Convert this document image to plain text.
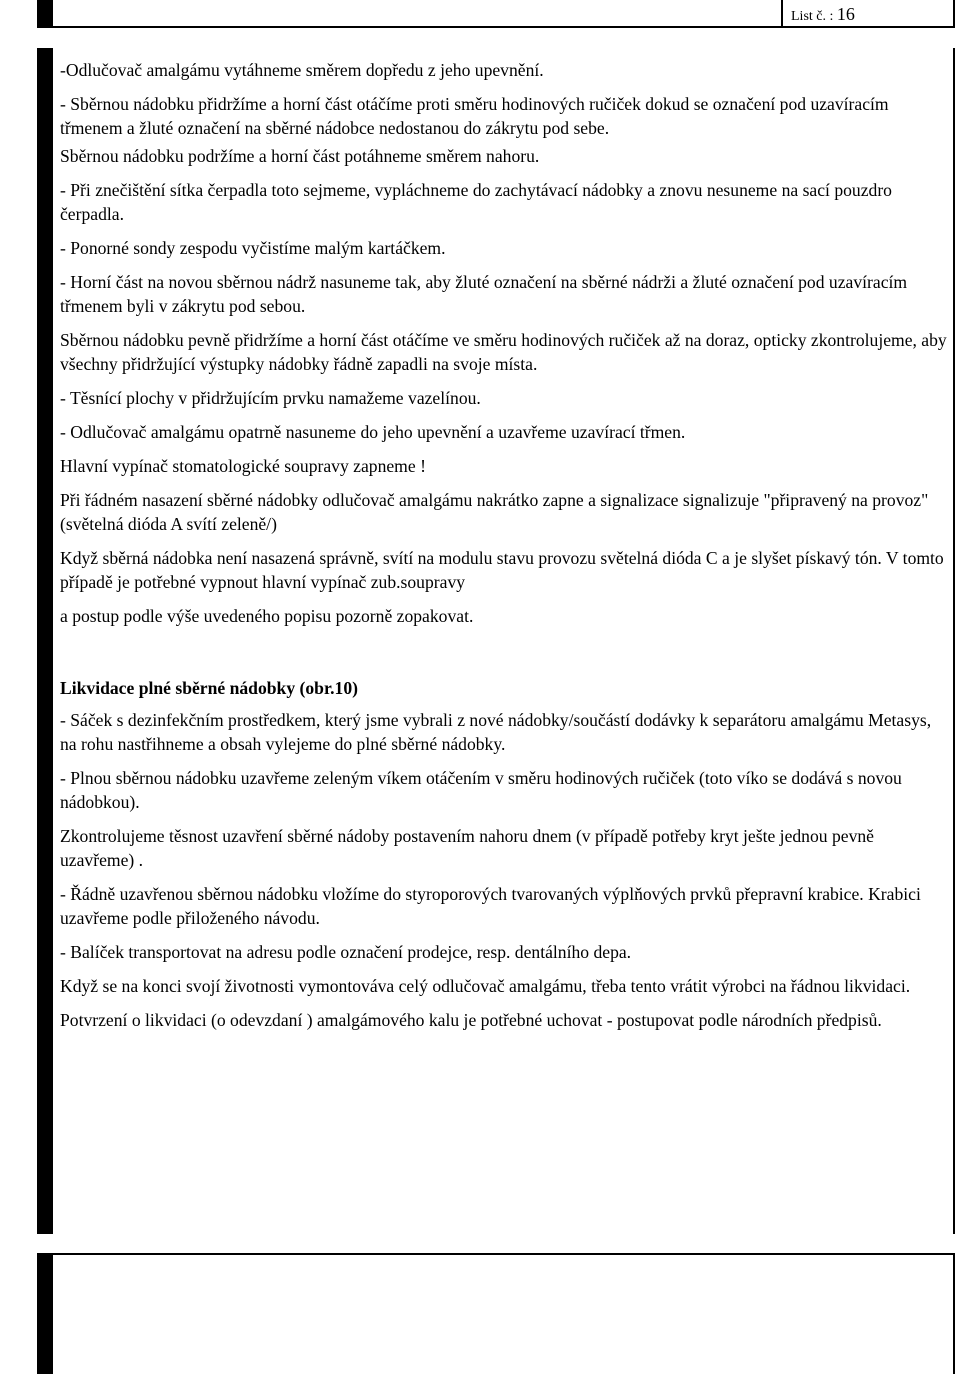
List č. : 16

-Odlučovač amalgámu vytáhneme směrem dopředu z jeho upevnění.

- Sběrnou nádobku přidržíme a horní část otáčíme proti směru hodinových ručiček dokud se označení pod uzavíracím třmenem a žluté označení na sběrné nádobce nedostanou do zákrytu pod sebe.

Sběrnou nádobku podržíme a horní část potáhneme směrem nahoru.

- Při znečištění sítka čerpadla toto sejmeme, vypláchneme do zachytávací nádobky a znovu nesuneme na sací pouzdro čerpadla.

- Ponorné sondy zespodu vyčistíme malým kartáčkem.

- Horní část na novou sběrnou nádrž nasuneme tak, aby žluté označení na sběrné nádrži a žluté označení pod uzavíracím třmenem byli v zákrytu pod sebou.

Sběrnou nádobku pevně přidržíme a horní část otáčíme ve směru hodinových ručiček až na doraz, opticky zkontrolujeme, aby všechny přidržující výstupky nádobky řádně zapadli na svoje místa.

- Těsnící plochy v přidržujícím prvku namažeme vazelínou.

- Odlučovač amalgámu opatrně nasuneme do jeho upevnění a uzavřeme uzavírací třmen.

Hlavní vypínač stomatologické soupravy zapneme !

Při řádném nasazení sběrné nádobky odlučovač amalgámu nakrátko zapne a signalizace signalizuje "připravený na provoz" (světelná dióda A svítí zeleně/)

Když sběrná nádobka není nasazená správně, svítí na modulu stavu provozu světelná dióda C a je slyšet pískavý tón. V tomto případě je potřebné vypnout hlavní vypínač zub.soupravy

a postup podle výše uvedeného popisu pozorně zopakovat.

Likvidace plné sběrné nádobky (obr.10)

- Sáček s dezinfekčním prostředkem, který jsme vybrali z nové nádobky/součástí dodávky k separátoru amalgámu Metasys, na rohu nastřihneme a obsah vylejeme do plné sběrné nádobky.

- Plnou sběrnou nádobku uzavřeme zeleným víkem otáčením v směru hodinových ručiček (toto víko se dodává s novou nádobkou).

Zkontrolujeme těsnost uzavření sběrné nádoby postavením nahoru dnem (v případě potřeby kryt ješte jednou pevně uzavřeme) .

- Řádně uzavřenou sběrnou nádobku vložíme do styroporových tvarovaných výplňových prvků přepravní krabice. Krabici uzavřeme podle přiloženého návodu.

- Balíček transportovat na adresu podle označení prodejce, resp. dentálního depa.

Když se na konci svojí životnosti vymontováva celý odlučovač amalgámu, třeba tento vrátit výrobci na řádnou likvidaci.

Potvrzení o likvidaci (o odevzdaní ) amalgámového kalu je potřebné uchovat - postupovat podle národních předpisů.
